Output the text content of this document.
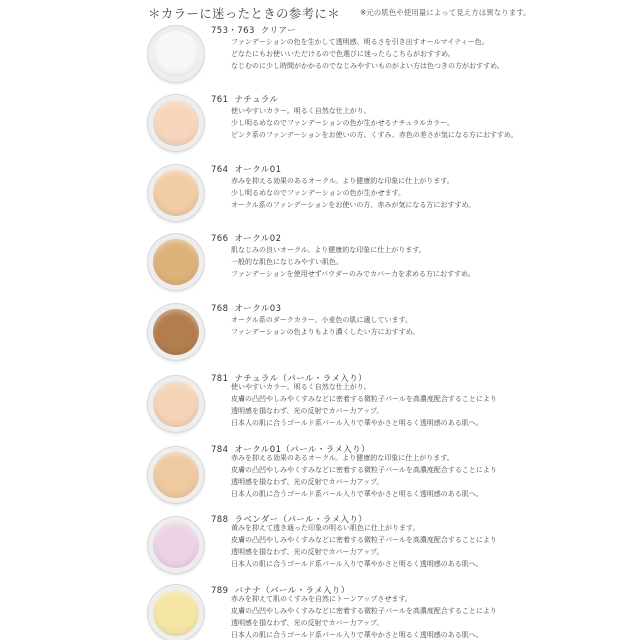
＊カラーに迷ったときの参考に＊	※元の肌色や使用量によって見え方は異なります。
753・763 クリアー
ファンデーションの色を生かして透明感、明るさを引き出すオールマイティー色。
どなたにもお使いいただけるので色選びに迷ったらこちらがおすすめ。
なじむのに少し時間がかかるのでなじみやすいものがよい方は色つきの方がおすすめ。
761 ナチュラル
使いやすいカラー。明るく自然な仕上がり。
少し明るめなのでファンデーションの色が生かせるナチュラルカラー。
ピンク系のファンデーションをお使いの方、くすみ、赤色の差さが気になる方におすすめ。
764 オークル01
赤みを抑える効果のあるオークル。より健康的な印象に仕上がります。
少し明るめなのでファンデーションの色が生かせます。
オークル系のファンデーションをお使いの方、赤みが気になる方におすすめ。
766 オークル02
肌なじみの良いオークル。より健康的な印象に仕上がります。
一般的な肌色になじみやすい肌色。
ファンデーションを使用せずパウダーのみでカバー力を求める方におすすめ。
768 オークル03
オークル系のダークカラー。小麦色の肌に適しています。
ファンデーションの色よりもより濃くしたい方におすすめ。
781 ナチュラル（パール・ラメ入り）
使いやすいカラー。明るく自然な仕上がり。
皮膚の凸凹やしみやくすみなどに密着する微粒子パールを高濃度配合することにより
透明感を損なわず、光の反射でカバー力アップ。
日本人の肌に合うゴールド系パール入りで華やかさと明るく透明感のある肌へ。
784 オークル01（パール・ラメ入り）
赤みを抑える効果のあるオークル。より健康的な印象に仕上がります。
皮膚の凸凹やしみやくすみなどに密着する微粒子パールを高濃度配合することにより
透明感を損なわず、光の反射でカバー力アップ。
日本人の肌に合うゴールド系パール入りで華やかさと明るく透明感のある肌へ。
788 ラベンダー（パール・ラメ入り）
黄みを抑えて透き通った印象の明るい肌色に仕上がります。
皮膚の凸凹やしみやくすみなどに密着する微粒子パールを高濃度配合することにより
透明感を損なわず、光の反射でカバー力アップ。
日本人の肌に合うゴールド系パール入りで華やかさと明るく透明感のある肌へ。
789 バナナ（パール・ラメ入り）
赤みを抑えて肌のくすみを自然にトーンアップさせます。
皮膚の凸凹やしみやくすみなどに密着する微粒子パールを高濃度配合することにより
透明感を損なわず、光の反射でカバー力アップ。
日本人の肌に合うゴールド系パール入りで華やかさと明るく透明感のある肌へ。
